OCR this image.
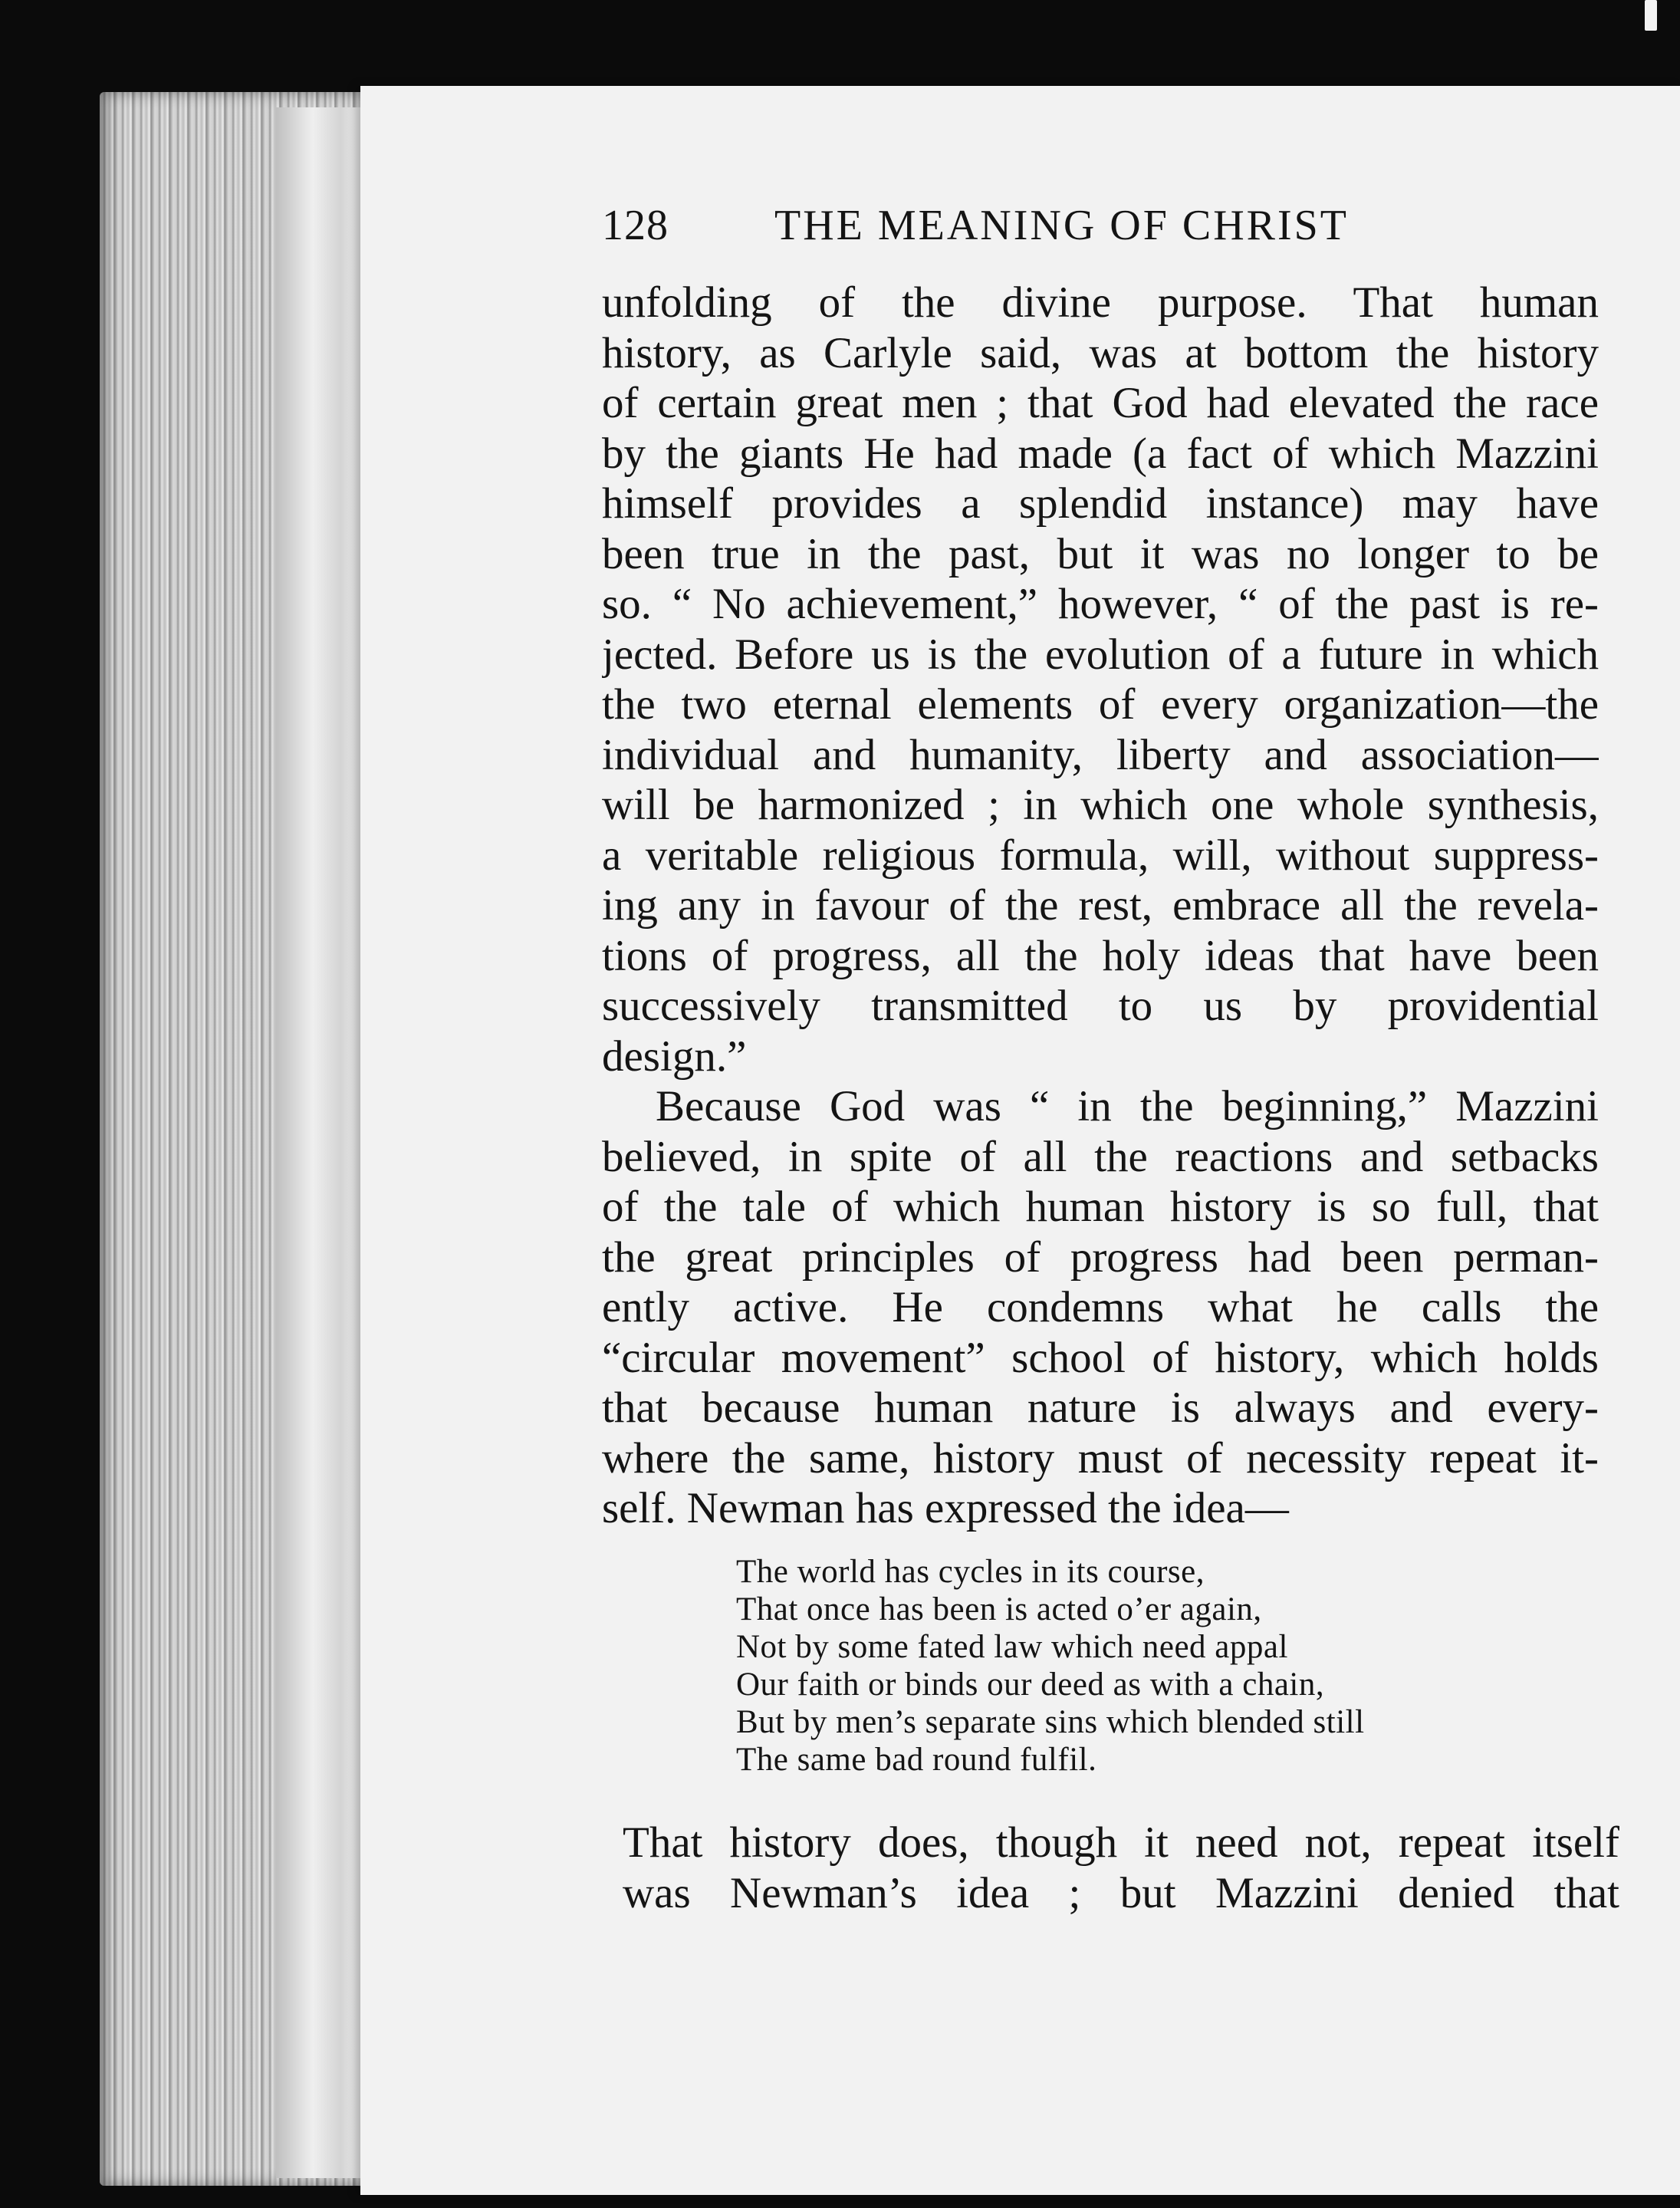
128 THE MEANING OF CHRIST
unfolding of the divine purpose. That human
history, as Carlyle said, was at bottom the history
of certain great men ; that God had elevated the race
by the giants He had made (a fact of which Mazzini
himself provides a splendid instance) may have
been true in the past, but it was no longer to be
so. “ No achievement,” however, “ of the past is re-
jected. Before us is the evolution of a future in which
the two eternal elements of every organization—the
individual and humanity, liberty and association—
will be harmonized ; in which one whole synthesis,
a veritable religious formula, will, without suppress-
ing any in favour of the rest, embrace all the revela-
tions of progress, all the holy ideas that have been
successively transmitted to us by providential
design.”
Because God was “ in the beginning,” Mazzini
believed, in spite of all the reactions and setbacks
of the tale of which human history is so full, that
the great principles of progress had been perman-
ently active. He condemns what he calls the
“circular movement” school of history, which holds
that because human nature is always and every-
where the same, history must of necessity repeat it-
self. Newman has expressed the idea—
The world has cycles in its course,
That once has been is acted o’er again,
Not by some fated law which need appal
Our faith or binds our deed as with a chain,
But by men’s separate sins which blended still
The same bad round fulfil.
That history does, though it need not, repeat itself
was Newman’s idea ; but Mazzini denied that
